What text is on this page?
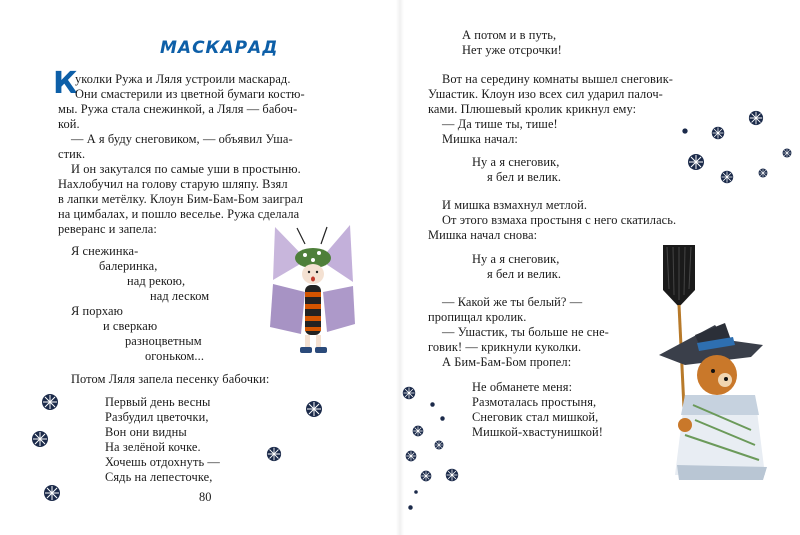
МАСКАРАД
К
уколки Ружа и Ляля устроили маскарад.
Они смастерили из цветной бумаги костю-
мы. Ружа стала снежинкой, а Ляля — бабоч-
кой.
— А я буду снеговиком, — объявил Уша-
стик.
И он закутался по самые уши в простыню.
Нахлобучил на голову старую шляпу. Взял
в лапки метёлку. Клоун Бим-Бам-Бом заиграл
на цимбалах, и пошло веселье. Ружа сделала
реверанс и запела:
Я снежинка-
балеринка,
над рекою,
над леском
Я порхаю
и сверкаю
разноцветным
огоньком...
Потом Ляля запела песенку бабочки:
Первый день весны
Разбудил цветочки,
Вон они видны
На зелёной кочке.
Хочешь отдохнуть —
Сядь на лепесточке,
80
А потом и в путь,
Нет уже отсрочки!
Вот на середину комнаты вышел снеговик-
Ушастик. Клоун изо всех сил ударил палоч-
ками. Плюшевый кролик крикнул ему:
— Да тише ты, тише!
Мишка начал:
Ну а я снеговик,
я бел и велик.
И мишка взмахнул метлой.
От этого взмаха простыня с него скатилась.
Мишка начал снова:
Ну а я снеговик,
я бел и велик.
— Какой же ты белый? —
пропищал кролик.
— Ушастик, ты больше не сне-
говик! — крикнули куколки.
А Бим-Бам-Бом пропел:
Не обманете меня:
Размоталась простыня,
Снеговик стал мишкой,
Мишкой-хвастунишкой!
